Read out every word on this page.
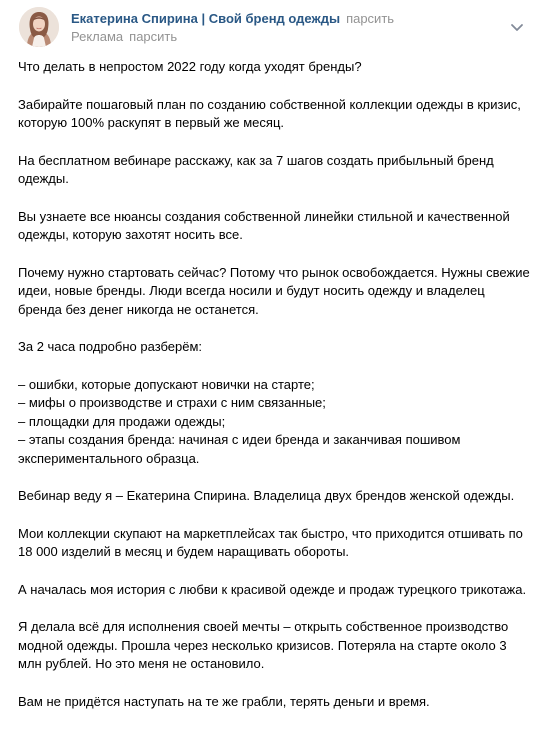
Екатерина Спирина | Свой бренд одежды парсить
Реклама парсить

Что делать в непростом 2022 году когда уходят бренды?

Забирайте пошаговый план по созданию собственной коллекции одежды в кризис, которую 100% раскупят в первый же месяц.

На бесплатном вебинаре расскажу, как за 7 шагов создать прибыльный бренд одежды.

Вы узнаете все нюансы создания собственной линейки стильной и качественной одежды, которую захотят носить все.

Почему нужно стартовать сейчас? Потому что рынок освобождается. Нужны свежие идеи, новые бренды. Люди всегда носили и будут носить одежду и владелец бренда без денег никогда не останется.

За 2 часа подробно разберём:

– ошибки, которые допускают новички на старте;
– мифы о производстве и страхи с ним связанные;
– площадки для продажи одежды;
– этапы создания бренда: начиная с идеи бренда и заканчивая пошивом экспериментального образца.

Вебинар веду я – Екатерина Спирина. Владелица двух брендов женской одежды.

Мои коллекции скупают на маркетплейсах так быстро, что приходится отшивать по 18 000 изделий в месяц и будем наращивать обороты.

А началась моя история с любви к красивой одежде и продаж турецкого трикотажа.

Я делала всё для исполнения своей мечты – открыть собственное производство модной одежды. Прошла через несколько кризисов. Потеряла на старте около 3 млн рублей. Но это меня не остановило.

Вам не придётся наступать на те же грабли, терять деньги и время.
